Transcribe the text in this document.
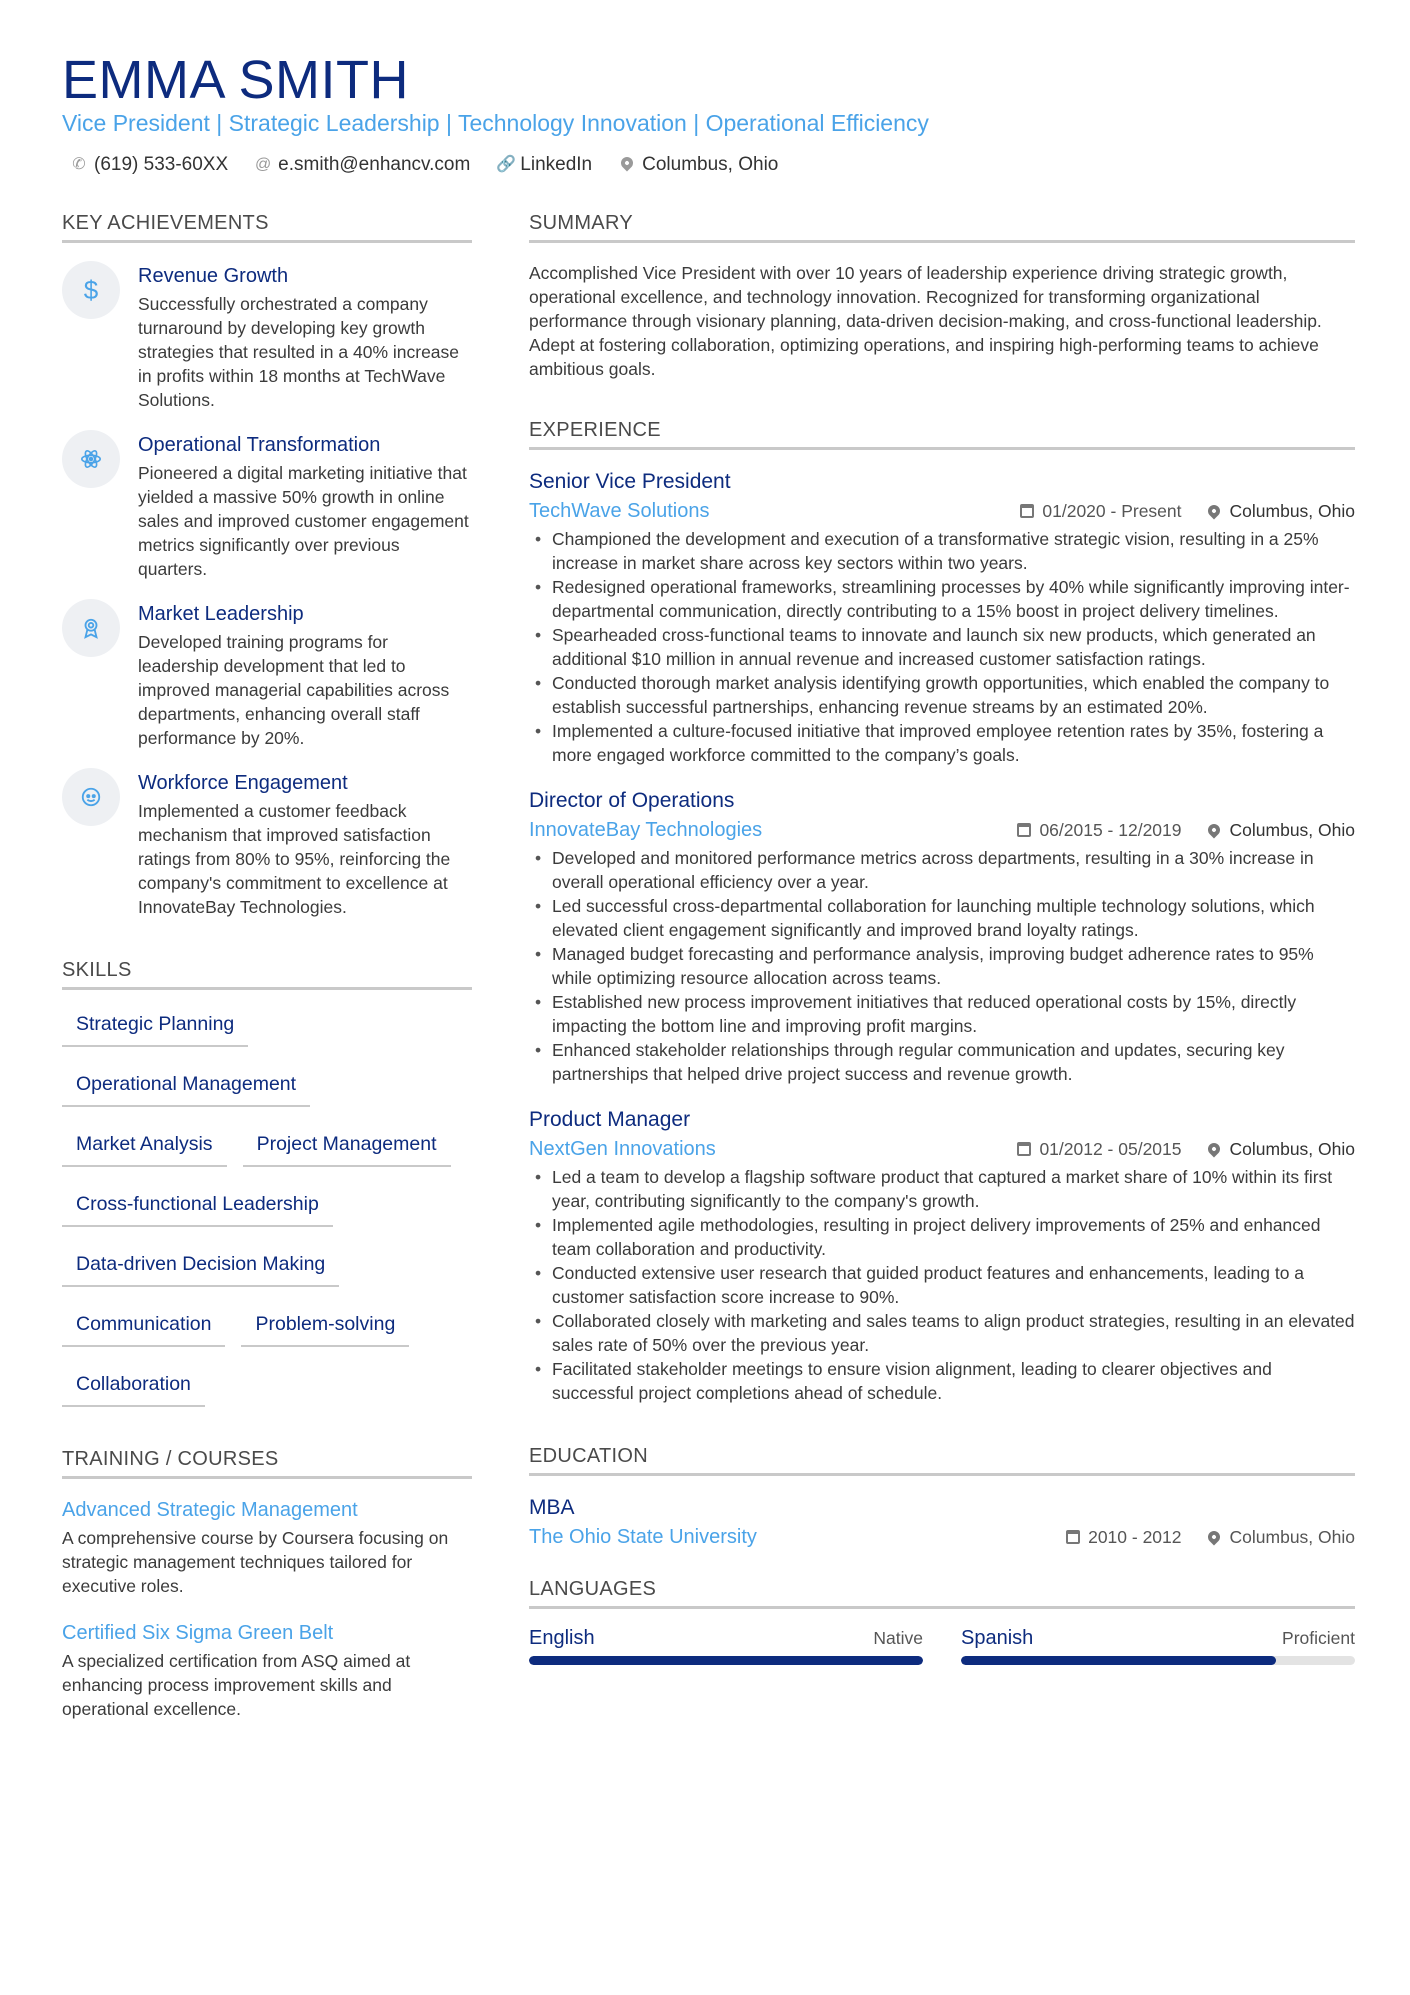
EMMA SMITH
Vice President | Strategic Leadership | Technology Innovation | Operational Efficiency
✆ (619) 533-60XX @ e.smith@enhancv.com 🔗 LinkedIn	Columbus, Ohio
KEY ACHIEVEMENTS
$	Revenue Growth
Successfully orchestrated a company turnaround by developing key growth strategies that resulted in a 40% increase in profits within 18 months at TechWave Solutions.
Operational Transformation
Pioneered a digital marketing initiative that yielded a massive 50% growth in online sales and improved customer engagement metrics significantly over previous quarters.
Market Leadership
Developed training programs for leadership development that led to improved managerial capabilities across departments, enhancing overall staff performance by 20%.
Workforce Engagement
Implemented a customer feedback mechanism that improved satisfaction ratings from 80% to 95%, reinforcing the company's commitment to excellence at InnovateBay Technologies.
SKILLS
Strategic Planning
Operational Management
Market Analysis	Project Management
Cross-functional Leadership
Data-driven Decision Making
Communication	Problem-solving
Collaboration
TRAINING / COURSES
Advanced Strategic Management
A comprehensive course by Coursera focusing on strategic management techniques tailored for executive roles.
Certified Six Sigma Green Belt
A specialized certification from ASQ aimed at enhancing process improvement skills and operational excellence.
SUMMARY
Accomplished Vice President with over 10 years of leadership experience driving strategic growth, operational excellence, and technology innovation. Recognized for transforming organizational performance through visionary planning, data-driven decision-making, and cross-functional leadership. Adept at fostering collaboration, optimizing operations, and inspiring high-performing teams to achieve ambitious goals.
EXPERIENCE
Senior Vice President
TechWave Solutions	01/2020 - Present	Columbus, Ohio
• Championed the development and execution of a transformative strategic vision, resulting in a 25% increase in market share across key sectors within two years.
• Redesigned operational frameworks, streamlining processes by 40% while significantly improving inter-departmental communication, directly contributing to a 15% boost in project delivery timelines.
• Spearheaded cross-functional teams to innovate and launch six new products, which generated an additional $10 million in annual revenue and increased customer satisfaction ratings.
• Conducted thorough market analysis identifying growth opportunities, which enabled the company to establish successful partnerships, enhancing revenue streams by an estimated 20%.
• Implemented a culture-focused initiative that improved employee retention rates by 35%, fostering a more engaged workforce committed to the company’s goals.
Director of Operations
InnovateBay Technologies	06/2015 - 12/2019	Columbus, Ohio
• Developed and monitored performance metrics across departments, resulting in a 30% increase in overall operational efficiency over a year.
• Led successful cross-departmental collaboration for launching multiple technology solutions, which elevated client engagement significantly and improved brand loyalty ratings.
• Managed budget forecasting and performance analysis, improving budget adherence rates to 95% while optimizing resource allocation across teams.
• Established new process improvement initiatives that reduced operational costs by 15%, directly impacting the bottom line and improving profit margins.
• Enhanced stakeholder relationships through regular communication and updates, securing key partnerships that helped drive project success and revenue growth.
Product Manager
NextGen Innovations	01/2012 - 05/2015	Columbus, Ohio
• Led a team to develop a flagship software product that captured a market share of 10% within its first year, contributing significantly to the company's growth.
• Implemented agile methodologies, resulting in project delivery improvements of 25% and enhanced team collaboration and productivity.
• Conducted extensive user research that guided product features and enhancements, leading to a customer satisfaction score increase to 90%.
• Collaborated closely with marketing and sales teams to align product strategies, resulting in an elevated sales rate of 50% over the previous year.
• Facilitated stakeholder meetings to ensure vision alignment, leading to clearer objectives and successful project completions ahead of schedule.
EDUCATION
MBA
The Ohio State University	2010 - 2012	Columbus, Ohio
LANGUAGES
English	Native Spanish	Proficient
